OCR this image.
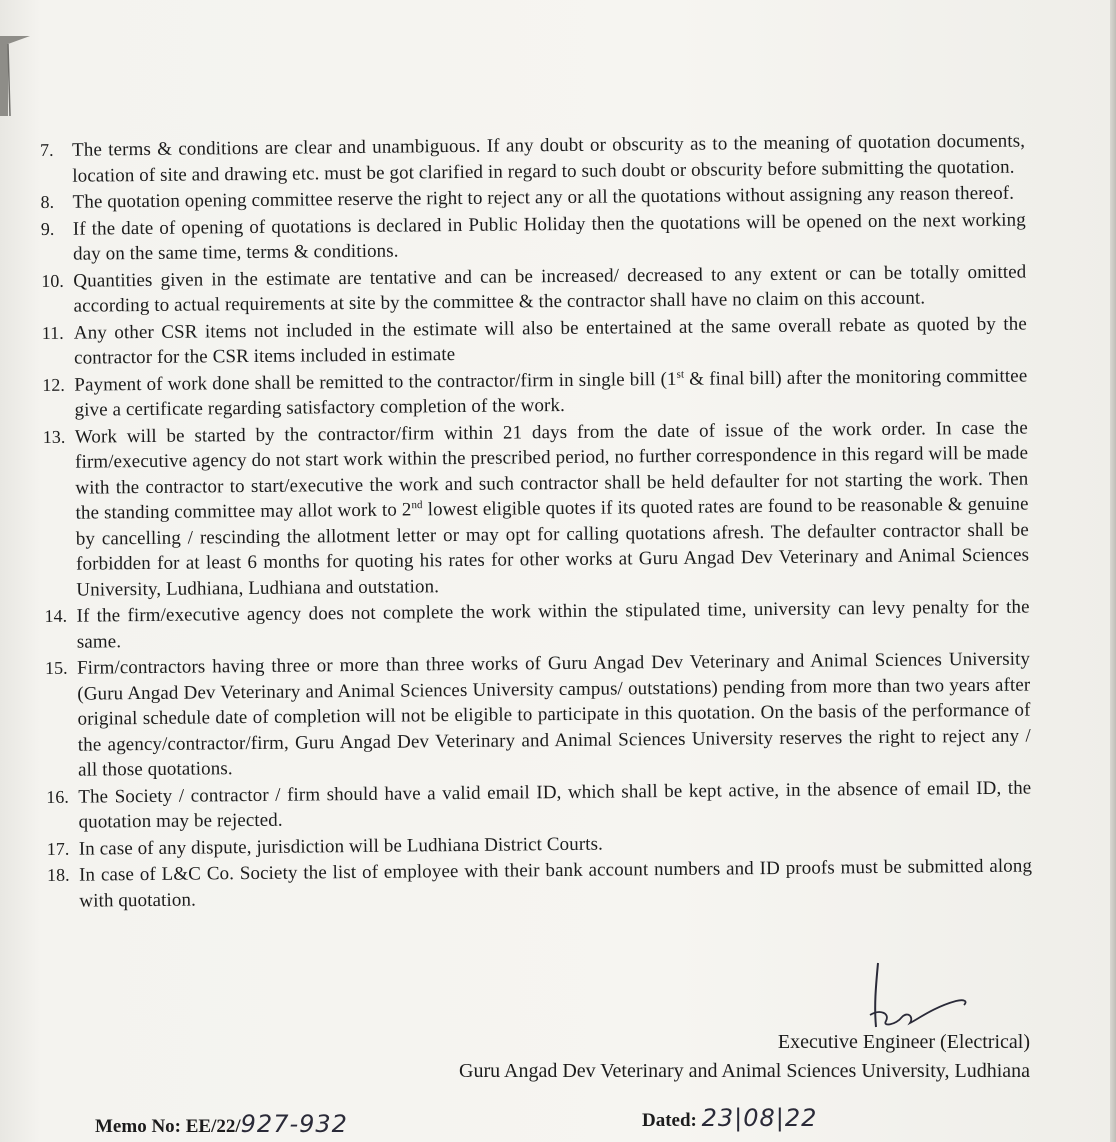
7. The terms & conditions are clear and unambiguous. If any doubt or obscurity as to the meaning of quotation documents, location of site and drawing etc. must be got clarified in regard to such doubt or obscurity before submitting the quotation.
8. The quotation opening committee reserve the right to reject any or all the quotations without assigning any reason thereof.
9. If the date of opening of quotations is declared in Public Holiday then the quotations will be opened on the next working day on the same time, terms & conditions.
10. Quantities given in the estimate are tentative and can be increased/ decreased to any extent or can be totally omitted according to actual requirements at site by the committee & the contractor shall have no claim on this account.
11. Any other CSR items not included in the estimate will also be entertained at the same overall rebate as quoted by the contractor for the CSR items included in estimate
12. Payment of work done shall be remitted to the contractor/firm in single bill (1st & final bill) after the monitoring committee give a certificate regarding satisfactory completion of the work.
13. Work will be started by the contractor/firm within 21 days from the date of issue of the work order. In case the firm/executive agency do not start work within the prescribed period, no further correspondence in this regard will be made with the contractor to start/executive the work and such contractor shall be held defaulter for not starting the work. Then the standing committee may allot work to 2nd lowest eligible quotes if its quoted rates are found to be reasonable & genuine by cancelling / rescinding the allotment letter or may opt for calling quotations afresh. The defaulter contractor shall be forbidden for at least 6 months for quoting his rates for other works at Guru Angad Dev Veterinary and Animal Sciences University, Ludhiana, Ludhiana and outstation.
14. If the firm/executive agency does not complete the work within the stipulated time, university can levy penalty for the same.
15. Firm/contractors having three or more than three works of Guru Angad Dev Veterinary and Animal Sciences University (Guru Angad Dev Veterinary and Animal Sciences University campus/ outstations) pending from more than two years after original schedule date of completion will not be eligible to participate in this quotation. On the basis of the performance of the agency/contractor/firm, Guru Angad Dev Veterinary and Animal Sciences University reserves the right to reject any / all those quotations.
16. The Society / contractor / firm should have a valid email ID, which shall be kept active, in the absence of email ID, the quotation may be rejected.
17. In case of any dispute, jurisdiction will be Ludhiana District Courts.
18. In case of L&C Co. Society the list of employee with their bank account numbers and ID proofs must be submitted along with quotation.
Executive Engineer (Electrical)
Guru Angad Dev Veterinary and Animal Sciences University, Ludhiana
Memo No: EE/22/927-932	Dated: 23|08|22
